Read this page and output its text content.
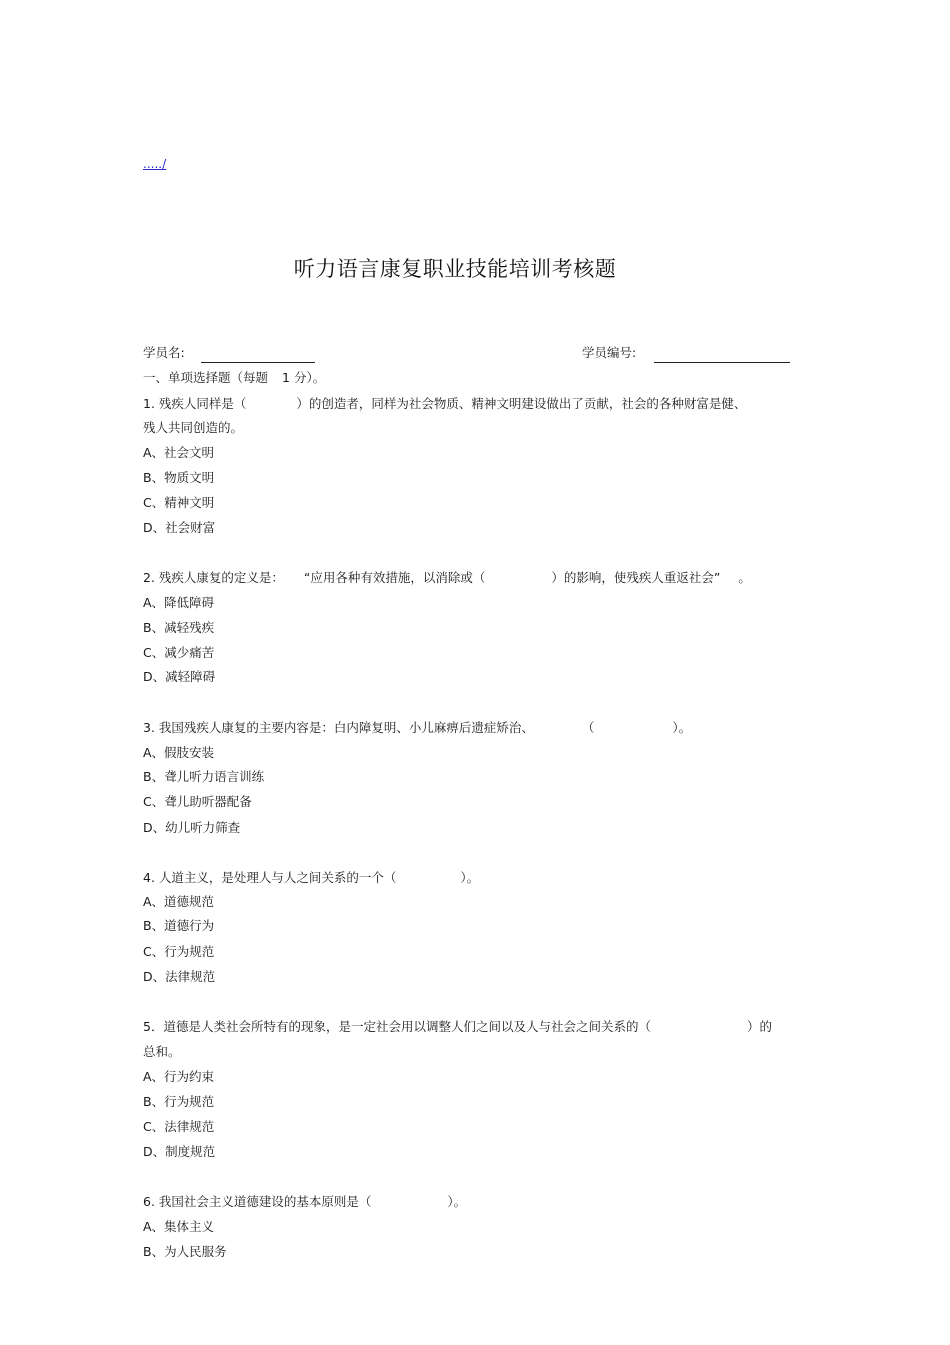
...../
听力语言康复职业技能培训考核题
学员名:	学员编号:
一、单项选择题（每题 1 分）。
1. 残疾人同样是（	）的创造者，同样为社会物质、精神文明建设做出了贡献，社会的各种财富是健、
残人共同创造的。
A、社会文明
B、物质文明
C、精神文明
D、社会财富
2. 残疾人康复的定义是： “应用各种有效措施，以消除或（	）的影响，使残疾人重返社会” 。
A、降低障碍
B、减轻残疾
C、减少痛苦
D、减轻障碍
3. 我国残疾人康复的主要内容是：白内障复明、小儿麻痹后遗症矫治、	（	）。
A、假肢安装
B、聋儿听力语言训练
C、聋儿助听器配备
D、幼儿听力筛查
4. 人道主义，是处理人与人之间关系的一个（	）。
A、道德规范
B、道德行为
C、行为规范
D、法律规范
5．道德是人类社会所特有的现象，是一定社会用以调整人们之间以及人与社会之间关系的（	）的
总和。
A、行为约束
B、行为规范
C、法律规范
D、制度规范
6. 我国社会主义道德建设的基本原则是（	）。
A、集体主义
B、为人民服务
